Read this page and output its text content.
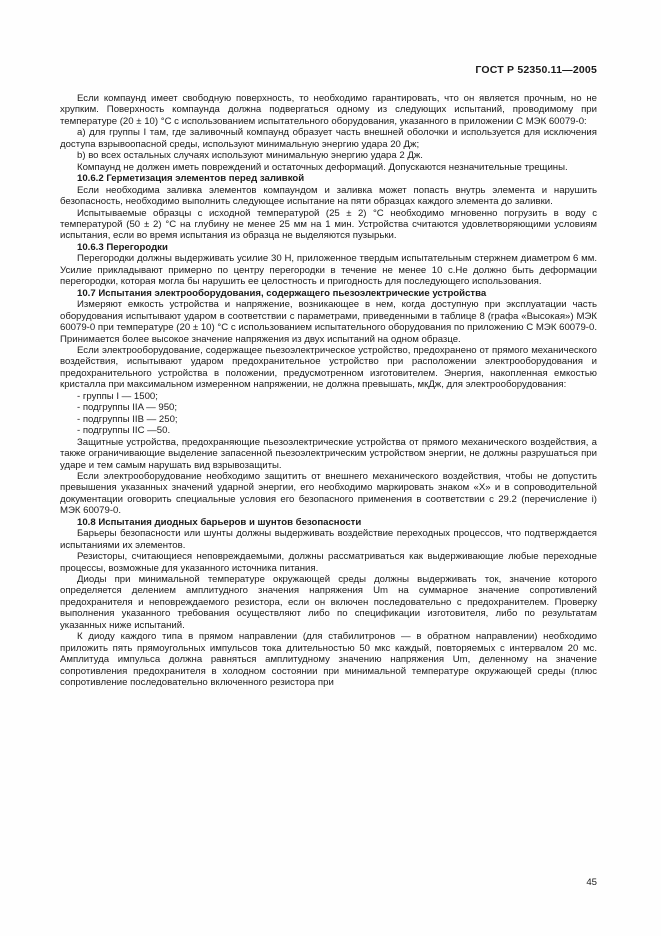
ГОСТ Р 52350.11—2005

Если компаунд имеет свободную поверхность, то необходимо гарантировать, что он является прочным, но не хрупким. Поверхность компаунда должна подвергаться одному из следующих испытаний, проводимому при температуре (20 ± 10) °С с использованием испытательного оборудования, указанного в приложении С МЭК 60079-0:

a) для группы I там, где заливочный компаунд образует часть внешней оболочки и используется для исключения доступа взрывоопасной среды, используют минимальную энергию удара 20 Дж;

b) во всех остальных случаях используют минимальную энергию удара 2 Дж.

Компаунд не должен иметь повреждений и остаточных деформаций. Допускаются незначительные трещины.

10.6.2 Герметизация элементов перед заливкой

Если необходима заливка элементов компаундом и заливка может попасть внутрь элемента и нарушить безопасность, необходимо выполнить следующее испытание на пяти образцах каждого элемента до заливки.

Испытываемые образцы с исходной температурой (25 ± 2) °С необходимо мгновенно погрузить в воду с температурой (50 ± 2) °С на глубину не менее 25 мм на 1 мин. Устройства считаются удовлетворяющими условиям испытания, если во время испытания из образца не выделяются пузырьки.

10.6.3 Перегородки

Перегородки должны выдерживать усилие 30 Н, приложенное твердым испытательным стержнем диаметром 6 мм. Усилие прикладывают примерно по центру перегородки в течение не менее 10 с.Не должно быть деформации перегородки, которая могла бы нарушить ее целостность и пригодность для последующего использования.

10.7 Испытания электрооборудования, содержащего пьезоэлектрические устройства

Измеряют емкость устройства и напряжение, возникающее в нем, когда доступную при эксплуатации часть оборудования испытывают ударом в соответствии с параметрами, приведенными в таблице 8 (графа «Высокая») МЭК 60079-0 при температуре (20 ± 10) °С с использованием испытательного оборудования по приложению С МЭК 60079-0. Принимается более высокое значение напряжения из двух испытаний на одном образце.

Если электрооборудование, содержащее пьезоэлектрическое устройство, предохранено от прямого механического воздействия, испытывают ударом предохранительное устройство при расположении электрооборудования и предохранительного устройства в положении, предусмотренном изготовителем. Энергия, накопленная емкостью кристалла при максимальном измеренном напряжении, не должна превышать, мкДж, для электрооборудования:

- группы I — 1500;

- подгруппы IIA — 950;

- подгруппы IIB — 250;

- подгруппы IIC —50.

Защитные устройства, предохраняющие пьезоэлектрические устройства от прямого механического воздействия, а также ограничивающие выделение запасенной пьезоэлектрическим устройством энергии, не должны разрушаться при ударе и тем самым нарушать вид взрывозащиты.

Если электрооборудование необходимо защитить от внешнего механического воздействия, чтобы не допустить превышения указанных значений ударной энергии, его необходимо маркировать знаком «Х» и в сопроводительной документации оговорить специальные условия его безопасного применения в соответствии с 29.2 (перечисление i) МЭК 60079-0.

10.8 Испытания диодных барьеров и шунтов безопасности

Барьеры безопасности или шунты должны выдерживать воздействие переходных процессов, что подтверждается испытаниями их элементов.

Резисторы, считающиеся неповреждаемыми, должны рассматриваться как выдерживающие любые переходные процессы, возможные для указанного источника питания.

Диоды при минимальной температуре окружающей среды должны выдерживать ток, значение которого определяется делением амплитудного значения напряжения Um на суммарное значение сопротивлений предохранителя и неповреждаемого резистора, если он включен последовательно с предохранителем. Проверку выполнения указанного требования осуществляют либо по спецификации изготовителя, либо по результатам указанных ниже испытаний.

К диоду каждого типа в прямом направлении (для стабилитронов — в обратном направлении) необходимо приложить пять прямоугольных импульсов тока длительностью 50 мкс каждый, повторяемых с интервалом 20 мс. Амплитуда импульса должна равняться амплитудному значению напряжения Um, деленному на значение сопротивления предохранителя в холодном состоянии при минимальной температуре окружающей среды (плюс сопротивление последовательно включенного резистора при

45
